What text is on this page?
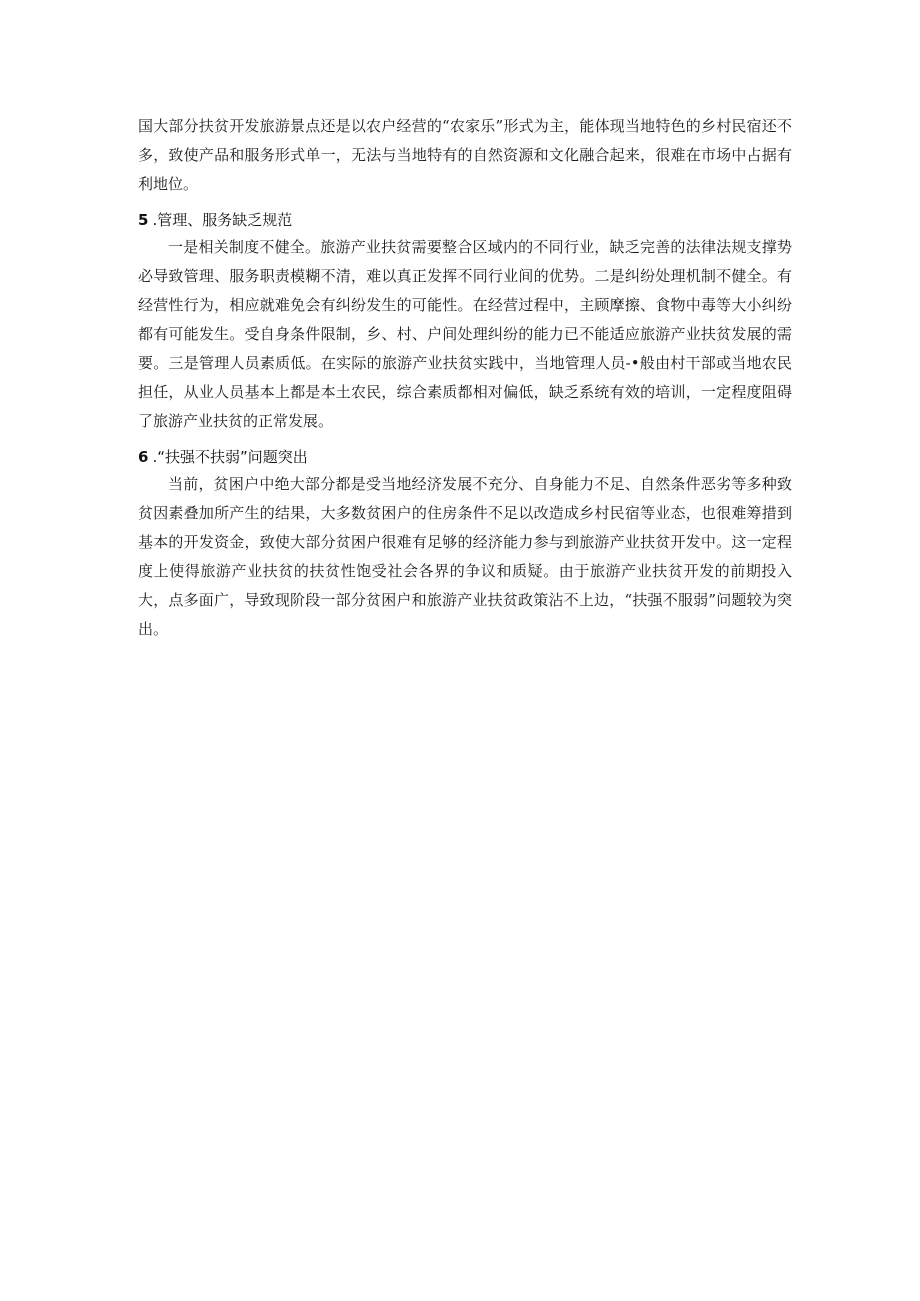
国大部分扶贫开发旅游景点还是以农户经营的“农家乐”形式为主，能体现当地特色的乡村民宿还不多，致使产品和服务形式单一，无法与当地特有的自然资源和文化融合起来，很难在市场中占据有利地位。

5 .管理、服务缺乏规范

一是相关制度不健全。旅游产业扶贫需要整合区域内的不同行业，缺乏完善的法律法规支撑势必导致管理、服务职责模糊不清，难以真正发挥不同行业间的优势。二是纠纷处理机制不健全。有经营性行为，相应就难免会有纠纷发生的可能性。在经营过程中，主顾摩擦、食物中毒等大小纠纷都有可能发生。受自身条件限制，乡、村、户间处理纠纷的能力已不能适应旅游产业扶贫发展的需要。三是管理人员素质低。在实际的旅游产业扶贫实践中，当地管理人员-•般由村干部或当地农民担任，从业人员基本上都是本土农民，综合素质都相对偏低，缺乏系统有效的培训，一定程度阻碍了旅游产业扶贫的正常发展。

6 .“扶强不扶弱”问题突出

当前，贫困户中绝大部分都是受当地经济发展不充分、自身能力不足、自然条件恶劣等多种致贫因素叠加所产生的结果，大多数贫困户的住房条件不足以改造成乡村民宿等业态，也很难筹措到基本的开发资金，致使大部分贫困户很难有足够的经济能力参与到旅游产业扶贫开发中。这一定程度上使得旅游产业扶贫的扶贫性饱受社会各界的争议和质疑。由于旅游产业扶贫开发的前期投入大，点多面广，导致现阶段一部分贫困户和旅游产业扶贫政策沾不上边，“扶强不服弱”问题较为突出。
